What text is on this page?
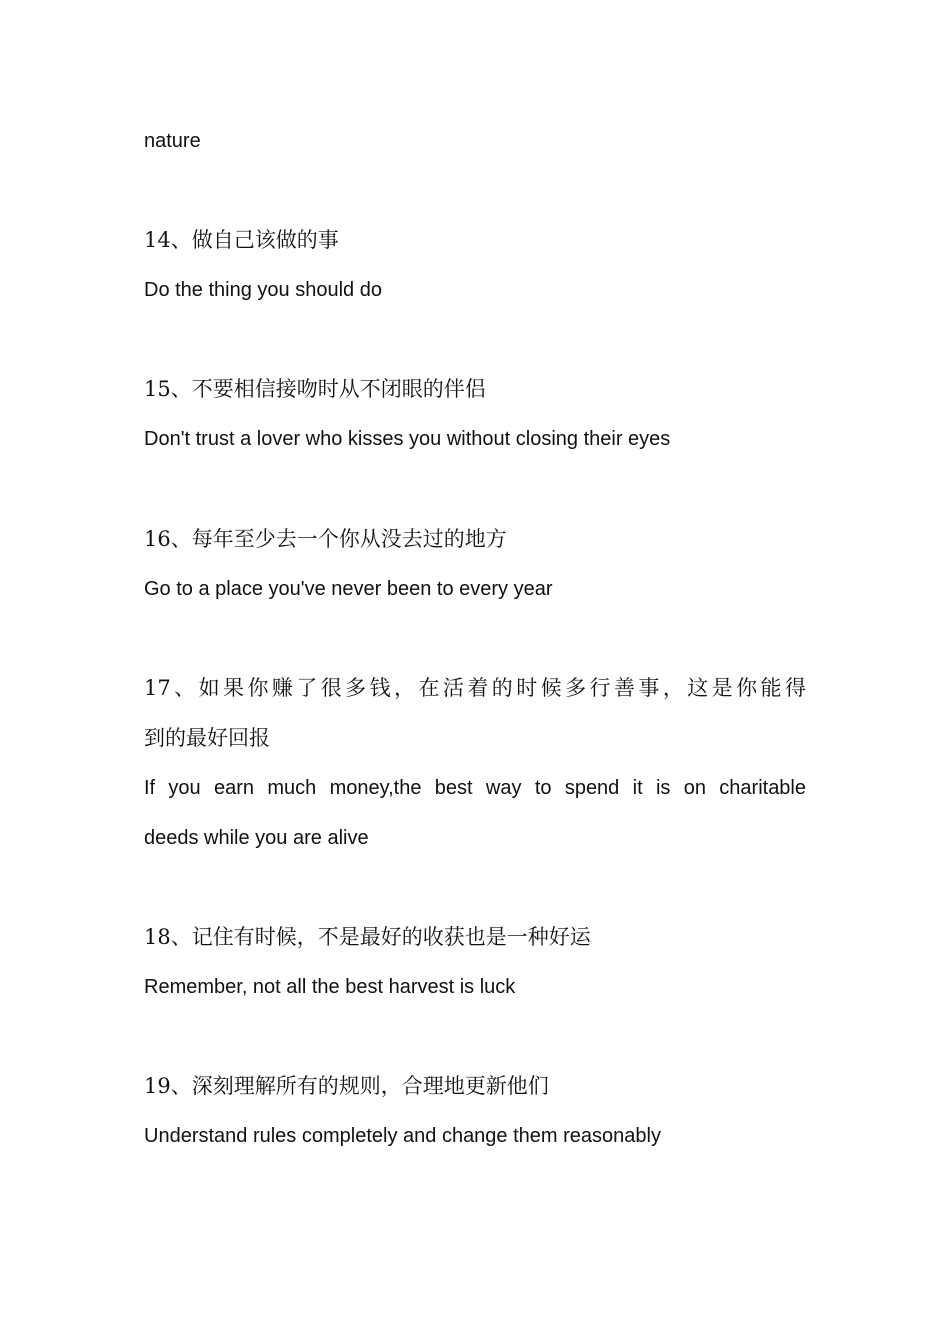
nature
14、做自己该做的事
Do the thing you should do
15、不要相信接吻时从不闭眼的伴侣
Don't trust a lover who kisses you without closing their eyes
16、每年至少去一个你从没去过的地方
Go to a place you've never been to every year
17、如果你赚了很多钱，在活着的时候多行善事，这是你能得
到的最好回报
If you earn much money,the best way to spend it is on charitable
deeds while you are alive
18、记住有时候，不是最好的收获也是一种好运
Remember, not all the best harvest is luck
19、深刻理解所有的规则，合理地更新他们
Understand rules completely and change them reasonably
